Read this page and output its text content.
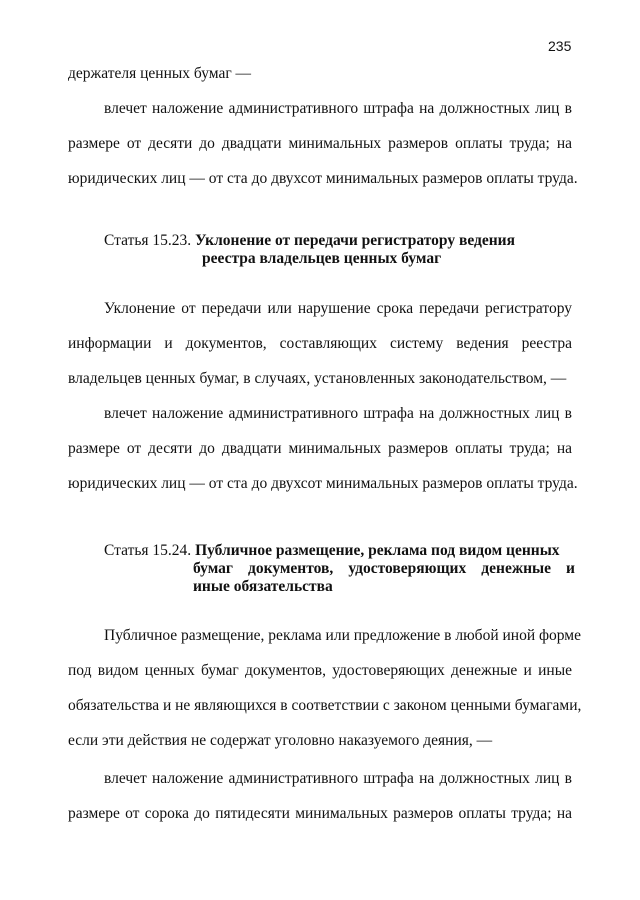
235
держателя ценных бумаг —
влечет наложение административного штрафа на должностных лиц в
размере от десяти до двадцати минимальных размеров оплаты труда; на
юридических лиц — от ста до двухсот минимальных размеров оплаты труда.
Статья 15.23. Уклонение от передачи регистратору ведения
реестра владельцев ценных бумаг
Уклонение от передачи или нарушение срока передачи регистратору
информации и документов, составляющих систему ведения реестра
владельцев ценных бумаг, в случаях, установленных законодательством, —
влечет наложение административного штрафа на должностных лиц в
размере от десяти до двадцати минимальных размеров оплаты труда; на
юридических лиц — от ста до двухсот минимальных размеров оплаты труда.
Статья 15.24. Публичное размещение, реклама под видом ценных
бумаг документов, удостоверяющих денежные и
иные обязательства
Публичное размещение, реклама или предложение в любой иной форме
под видом ценных бумаг документов, удостоверяющих денежные и иные
обязательства и не являющихся в соответствии с законом ценными бумагами,
если эти действия не содержат уголовно наказуемого деяния, —
влечет наложение административного штрафа на должностных лиц в
размере от сорока до пятидесяти минимальных размеров оплаты труда; на
